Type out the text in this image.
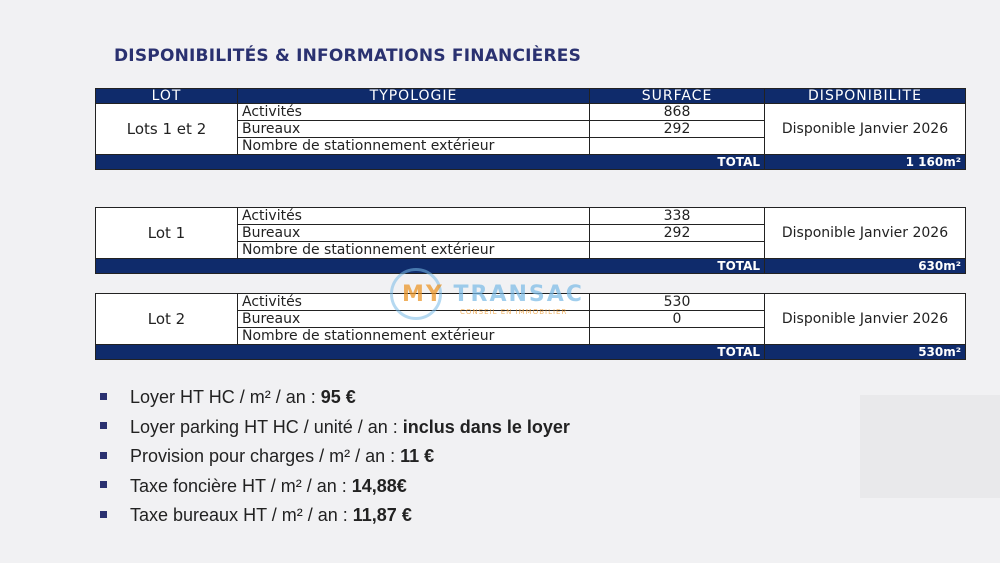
DISPONIBILITÉS & INFORMATIONS FINANCIÈRES
LOT	TYPOLOGIE	SURFACE	DISPONIBILITE
Lots 1 et 2	Activités	868	Disponible Janvier 2026
	Bureaux	292	
	Nombre de stationnement extérieur		
TOTAL			1 160m²
Lot 1	Activités	338	Disponible Janvier 2026
	Bureaux	292	
	Nombre de stationnement extérieur		
TOTAL			630m²
Lot 2	Activités	530	Disponible Janvier 2026
	Bureaux	0	
	Nombre de stationnement extérieur		
TOTAL			530m²
MY TRANSAC
CONSEIL EN IMMOBILIER
Loyer HT HC / m² / an : 95 €
Loyer parking HT HC / unité / an : inclus dans le loyer
Provision pour charges / m² / an : 11 €
Taxe foncière HT / m² / an : 14,88€
Taxe bureaux HT / m² / an : 11,87 €
